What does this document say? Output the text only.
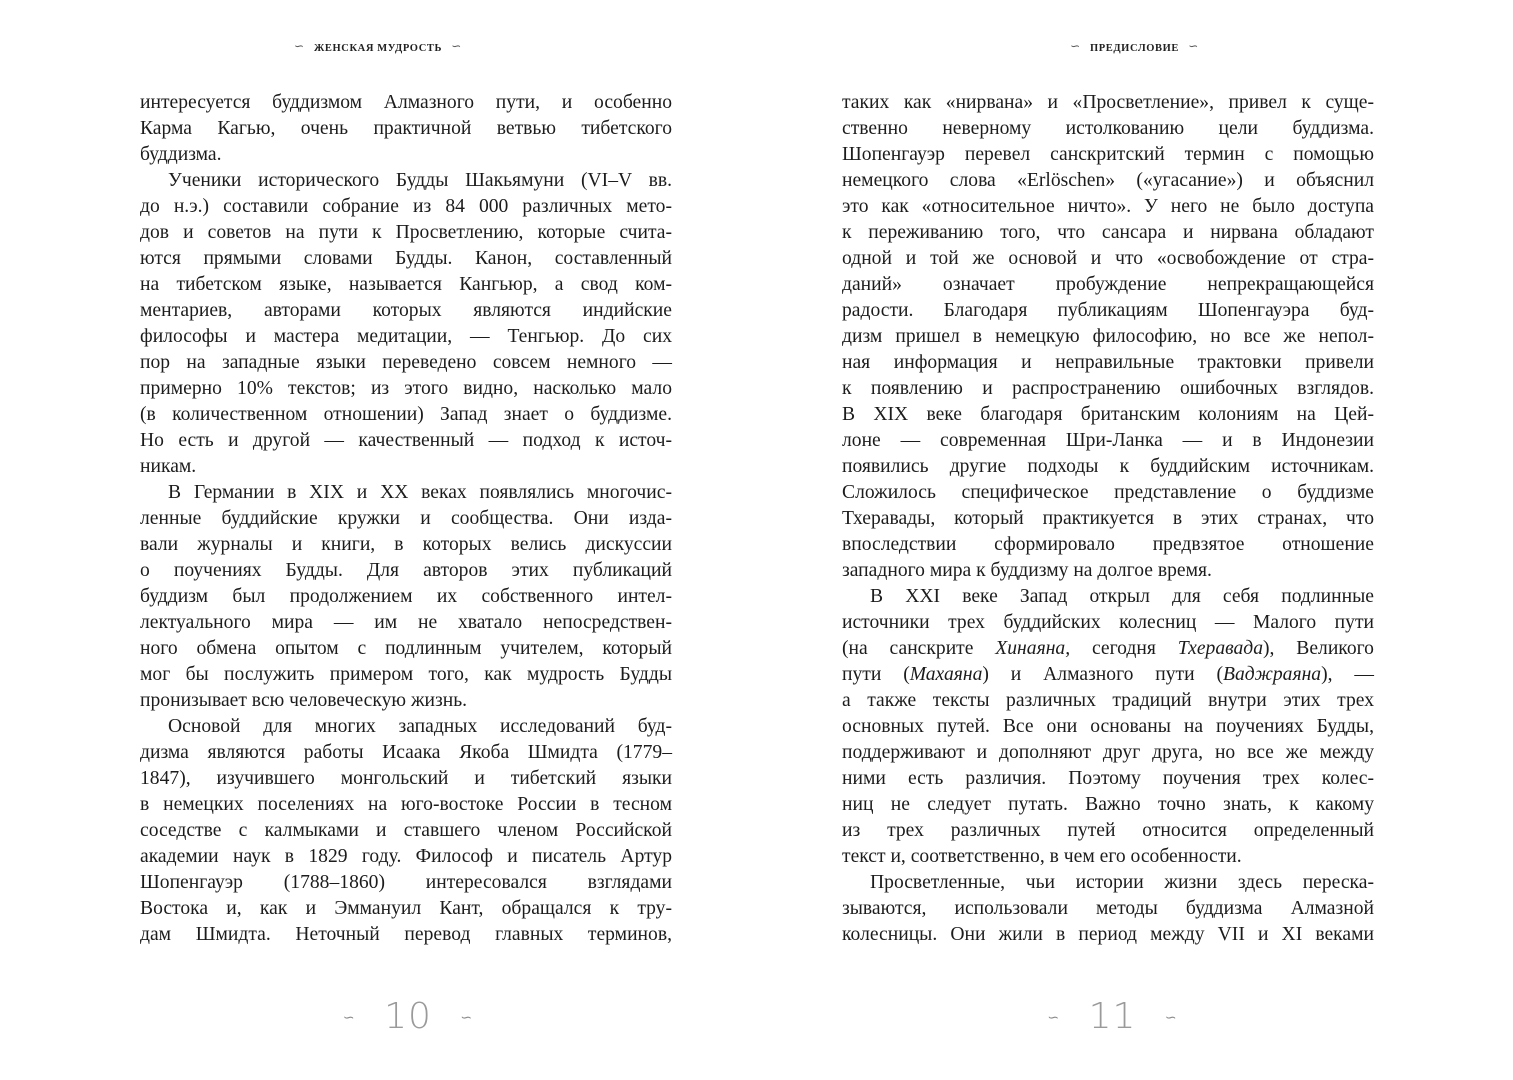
∽ ЖЕНСКАЯ МУДРОСТЬ ∽
интересуется буддизмом Алмазного пути, и особенно
Карма Кагью, очень практичной ветвью тибетского
буддизма.
Ученики исторического Будды Шакьямуни (VI–V вв.
до н.э.) составили собрание из 84 000 различных мето-
дов и советов на пути к Просветлению, которые счита-
ются прямыми словами Будды. Канон, составленный
на тибетском языке, называется Кангьюр, а свод ком-
ментариев, авторами которых являются индийские
философы и мастера медитации, — Тенгьюр. До сих
пор на западные языки переведено совсем немного —
примерно 10% текстов; из этого видно, насколько мало
(в количественном отношении) Запад знает о буддизме.
Но есть и другой — качественный — подход к источ-
никам.
В Германии в XIX и XX веках появлялись многочис-
ленные буддийские кружки и сообщества. Они изда-
вали журналы и книги, в которых велись дискуссии
о поучениях Будды. Для авторов этих публикаций
буддизм был продолжением их собственного интел-
лектуального мира — им не хватало непосредствен-
ного обмена опытом с подлинным учителем, который
мог бы послужить примером того, как мудрость Будды
пронизывает всю человеческую жизнь.
Основой для многих западных исследований буд-
дизма являются работы Исаака Якоба Шмидта (1779–
1847), изучившего монгольский и тибетский языки
в немецких поселениях на юго-востоке России в тесном
соседстве с калмыками и ставшего членом Российской
академии наук в 1829 году. Философ и писатель Артур
Шопенгауэр (1788–1860) интересовался взглядами
Востока и, как и Эммануил Кант, обращался к тру-
дам Шмидта. Неточный перевод главных терминов,
∽ 10 ∽
∽ ПРЕДИСЛОВИЕ ∽
таких как «нирвана» и «Просветление», привел к суще-
ственно неверному истолкованию цели буддизма.
Шопенгауэр перевел санскритский термин с помощью
немецкого слова «Erlöschen» («угасание») и объяснил
это как «относительное ничто». У него не было доступа
к переживанию того, что сансара и нирвана обладают
одной и той же основой и что «освобождение от стра-
даний» означает пробуждение непрекращающейся
радости. Благодаря публикациям Шопенгауэра буд-
дизм пришел в немецкую философию, но все же непол-
ная информация и неправильные трактовки привели
к появлению и распространению ошибочных взглядов.
В XIX веке благодаря британским колониям на Цей-
лоне — современная Шри-Ланка — и в Индонезии
появились другие подходы к буддийским источникам.
Сложилось специфическое представление о буддизме
Тхеравады, который практикуется в этих странах, что
впоследствии сформировало предвзятое отношение
западного мира к буддизму на долгое время.
В XXI веке Запад открыл для себя подлинные
источники трех буддийских колесниц — Малого пути
(на санскрите Хинаяна, сегодня Тхеравада), Великого
пути (Махаяна) и Алмазного пути (Ваджраяна), —
а также тексты различных традиций внутри этих трех
основных путей. Все они основаны на поучениях Будды,
поддерживают и дополняют друг друга, но все же между
ними есть различия. Поэтому поучения трех колес-
ниц не следует путать. Важно точно знать, к какому
из трех различных путей относится определенный
текст и, соответственно, в чем его особенности.
Просветленные, чьи истории жизни здесь переска-
зываются, использовали методы буддизма Алмазной
колесницы. Они жили в период между VII и XI веками
∽ 11 ∽
